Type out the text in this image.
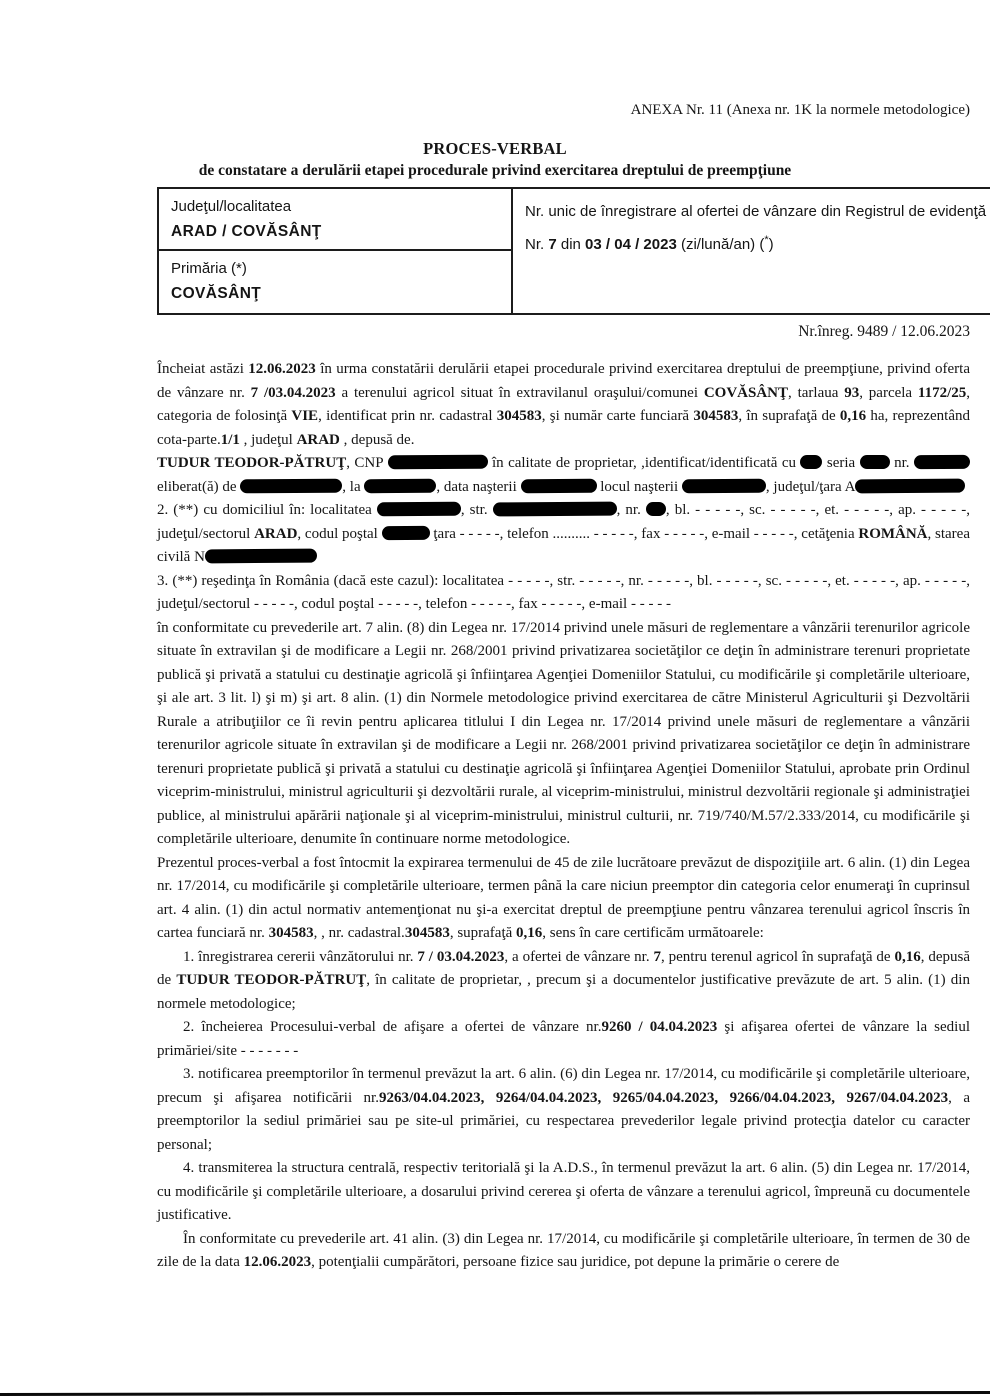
ANEXA Nr. 11 (Anexa nr. 1K la normele metodologice)
PROCES-VERBAL
de constatare a derulării etapei procedurale privind exercitarea dreptului de preempţiune
Judeţul/localitatea
ARAD / COVĂSÂNŢ

Nr. unic de înregistrare al ofertei de vânzare din Registrul de evidenţă
Nr. 7 din 03 / 04 / 2023 (zi/lună/an) (*)

Primăria (*)
COVĂSÂNŢ
Nr.înreg. 9489 / 12.06.2023

Încheiat astăzi 12.06.2023 în urma constatării derulării etapei procedurale privind exercitarea dreptului de preempţiune, privind oferta de vânzare nr. 7 /03.04.2023 a terenului agricol situat în extravilanul oraşului/comunei COVĂSÂNŢ, tarlaua 93, parcela 1172/25, categoria de folosinţă VIE, identificat prin nr. cadastral 304583, şi număr carte funciară 304583, în suprafaţă de 0,16 ha, reprezentând cota-parte.1/1 , judeţul ARAD , depusă de.

TUDUR TEODOR-PĂTRUŢ, CNP	în calitate de proprietar, ,identificat/identificată cu  seria  nr. eliberat(ă) de	, la	, data naşterii	locul naşterii	, judeţul/ţara A

2. (**) cu domiciliul în: localitatea	, str.	, nr. , bl. - - - - -, sc. - - - - -, et. - - - - -, ap. - - - - -, judeţul/sectorul ARAD, codul poştal	ţara - - - - -, telefon .......... - - - - -, fax - - - - -, e-mail - - - - -, cetăţenia ROMÂNĂ, starea civilă N

3. (**) reşedinţa în România (dacă este cazul): localitatea - - - - -, str. - - - - -, nr. - - - - -, bl. - - - - -, sc. - - - - -, et. - - - - -, ap. - - - - -, judeţul/sectorul - - - - -, codul poştal - - - - -, telefon - - - - -, fax - - - - -, e-mail - - - - -

în conformitate cu prevederile art. 7 alin. (8) din Legea nr. 17/2014 privind unele măsuri de reglementare a vânzării terenurilor agricole situate în extravilan şi de modificare a Legii nr. 268/2001 privind privatizarea societăţilor ce deţin în administrare terenuri proprietate publică şi privată a statului cu destinaţie agricolă şi înfiinţarea Agenţiei Domeniilor Statului, cu modificările şi completările ulterioare, şi ale art. 3 lit. l) şi m) şi art. 8 alin. (1) din Normele metodologice privind exercitarea de către Ministerul Agriculturii şi Dezvoltării Rurale a atribuţiilor ce îi revin pentru aplicarea titlului I din Legea nr. 17/2014 privind unele măsuri de reglementare a vânzării terenurilor agricole situate în extravilan şi de modificare a Legii nr. 268/2001 privind privatizarea societăţilor ce deţin în administrare terenuri proprietate publică şi privată a statului cu destinaţie agricolă şi înfiinţarea Agenţiei Domeniilor Statului, aprobate prin Ordinul viceprim-ministrului, ministrul agriculturii şi dezvoltării rurale, al viceprim-ministrului, ministrul dezvoltării regionale şi administraţiei publice, al ministrului apărării naţionale şi al viceprim-ministrului, ministrul culturii, nr. 719/740/M.57/2.333/2014, cu modificările şi completările ulterioare, denumite în continuare norme metodologice.

Prezentul proces-verbal a fost întocmit la expirarea termenului de 45 de zile lucrătoare prevăzut de dispoziţiile art. 6 alin. (1) din Legea nr. 17/2014, cu modificările şi completările ulterioare, termen până la care niciun preemptor din categoria celor enumeraţi în cuprinsul art. 4 alin. (1) din actul normativ antemenţionat nu şi-a exercitat dreptul de preempţiune pentru vânzarea terenului agricol înscris în cartea funciară nr. 304583, , nr. cadastral.304583, suprafaţă 0,16, sens în care certificăm următoarele:

1. înregistrarea cererii vânzătorului nr. 7 / 03.04.2023, a ofertei de vânzare nr. 7, pentru terenul agricol în suprafaţă de 0,16, depusă de TUDUR TEODOR-PĂTRUŢ, în calitate de proprietar, , precum şi a documentelor justificative prevăzute de art. 5 alin. (1) din normele metodologice;

2. încheierea Procesului-verbal de afişare a ofertei de vânzare nr.9260 / 04.04.2023 şi afişarea ofertei de vânzare la sediul primăriei/site - - - - - - -

3. notificarea preemptorilor în termenul prevăzut la art. 6 alin. (6) din Legea nr. 17/2014, cu modificările şi completările ulterioare, precum şi afişarea notificării nr.9263/04.04.2023, 9264/04.04.2023, 9265/04.04.2023, 9266/04.04.2023, 9267/04.04.2023, a preemptorilor la sediul primăriei sau pe site-ul primăriei, cu respectarea prevederilor legale privind protecţia datelor cu caracter personal;

4. transmiterea la structura centrală, respectiv teritorială şi la A.D.S., în termenul prevăzut la art. 6 alin. (5) din Legea nr. 17/2014, cu modificările şi completările ulterioare, a dosarului privind cererea şi oferta de vânzare a terenului agricol, împreună cu documentele justificative.

În conformitate cu prevederile art. 41 alin. (3) din Legea nr. 17/2014, cu modificările şi completările ulterioare, în termen de 30 de zile de la data 12.06.2023, potenţialii cumpărători, persoane fizice sau juridice, pot depune la primărie o cerere de
